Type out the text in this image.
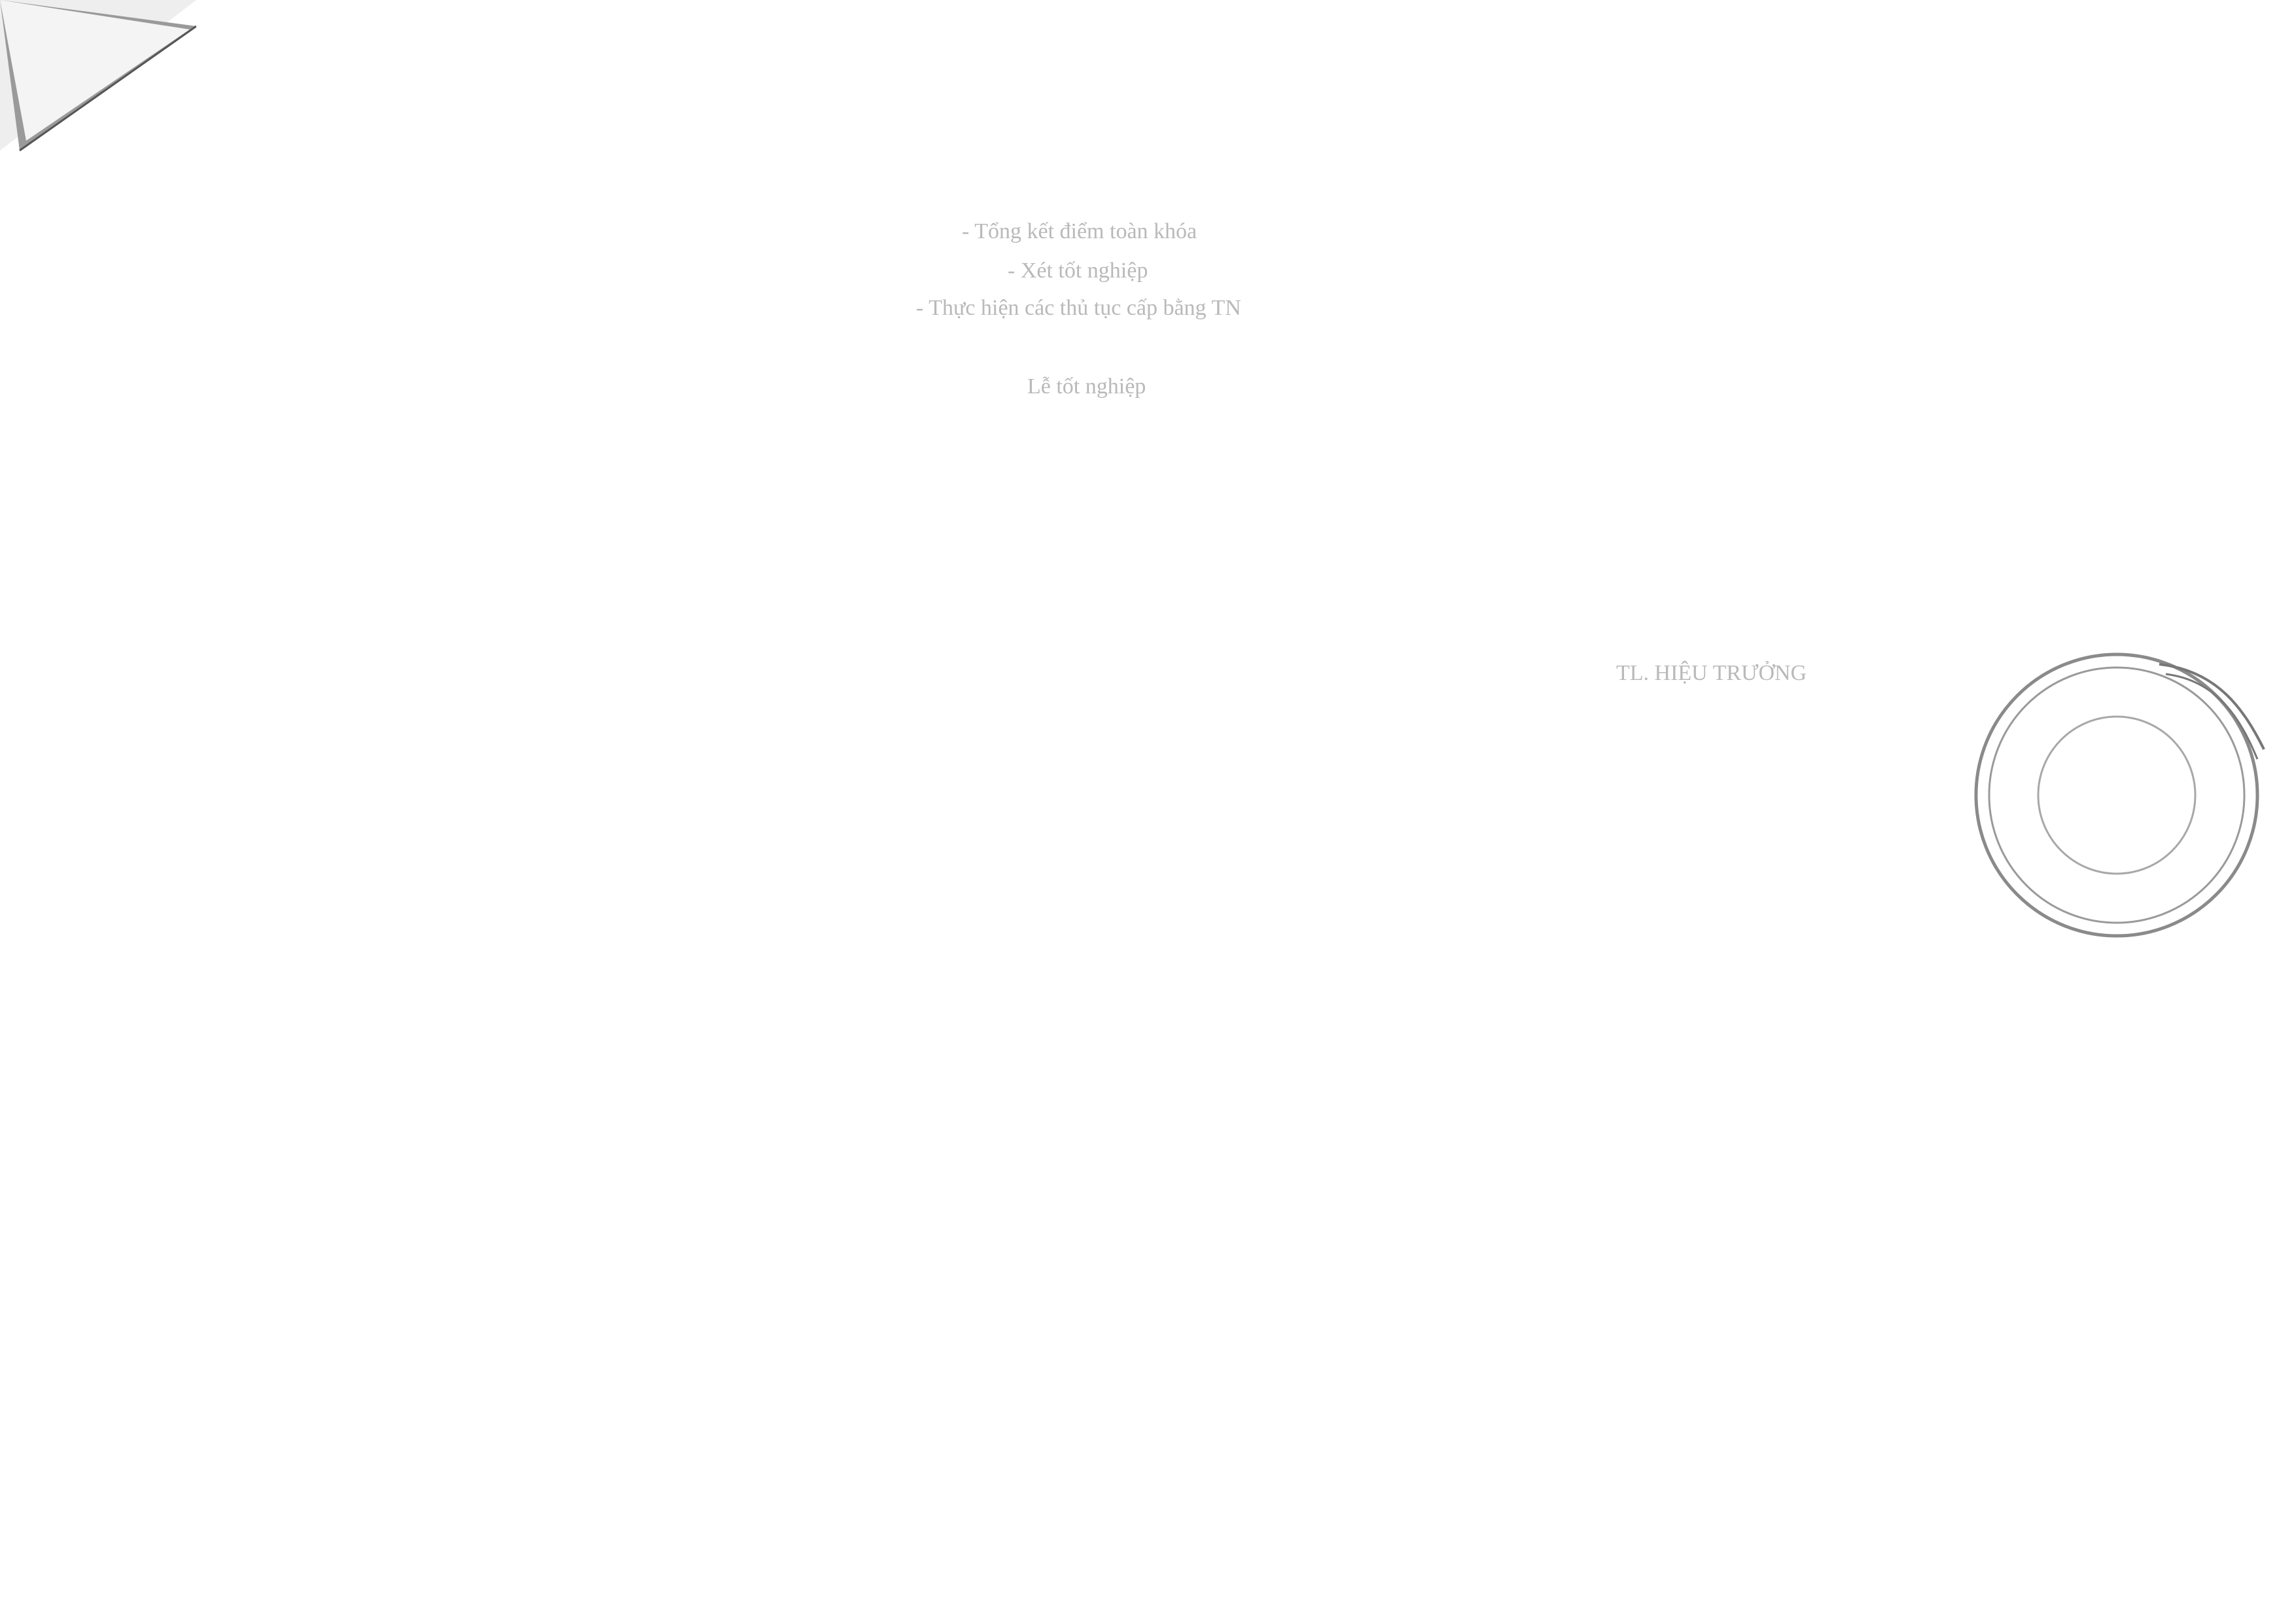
- Tổng kết điểm toàn khóa
- Xét tốt nghiệp
- Thực hiện các thủ tục cấp bằng TN
Lễ tốt nghiệp
TL. HIỆU TRƯỞNG
